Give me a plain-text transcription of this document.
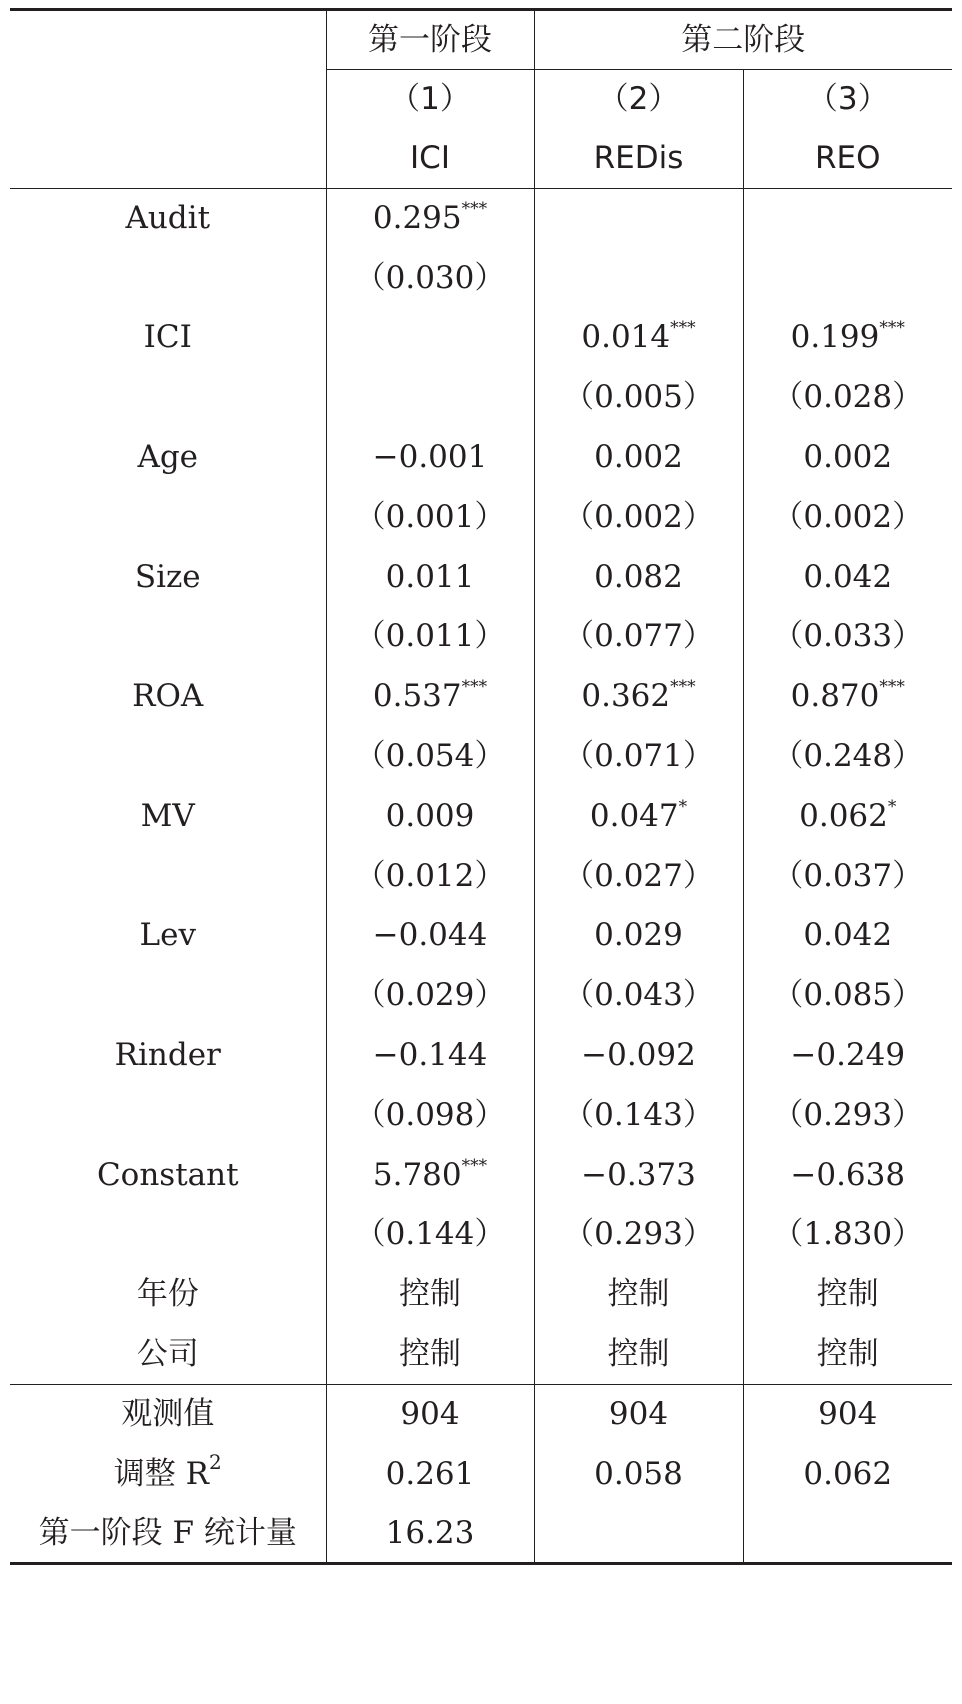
	第一阶段	第二阶段	
	（1）	（2）	（3）
	ICI	REDis	REO
Audit	0.295***		
	（0.030）		
ICI		0.014***	0.199***
		（0.005）	（0.028）
Age	−0.001	0.002	0.002
	（0.001）	（0.002）	（0.002）
Size	0.011	0.082	0.042
	（0.011）	（0.077）	（0.033）
ROA	0.537***	0.362***	0.870***
	（0.054）	（0.071）	（0.248）
MV	0.009	0.047*	0.062*
	（0.012）	（0.027）	（0.037）
Lev	−0.044	0.029	0.042
	（0.029）	（0.043）	（0.085）
Rinder	−0.144	−0.092	−0.249
	（0.098）	（0.143）	（0.293）
Constant	5.780***	−0.373	−0.638
	（0.144）	（0.293）	（1.830）
年份	控制	控制	控制
公司	控制	控制	控制
观测值	904	904	904
调整 $R^2$	0.261	0.058	0.062
第一阶段 F 统计量	16.23		
